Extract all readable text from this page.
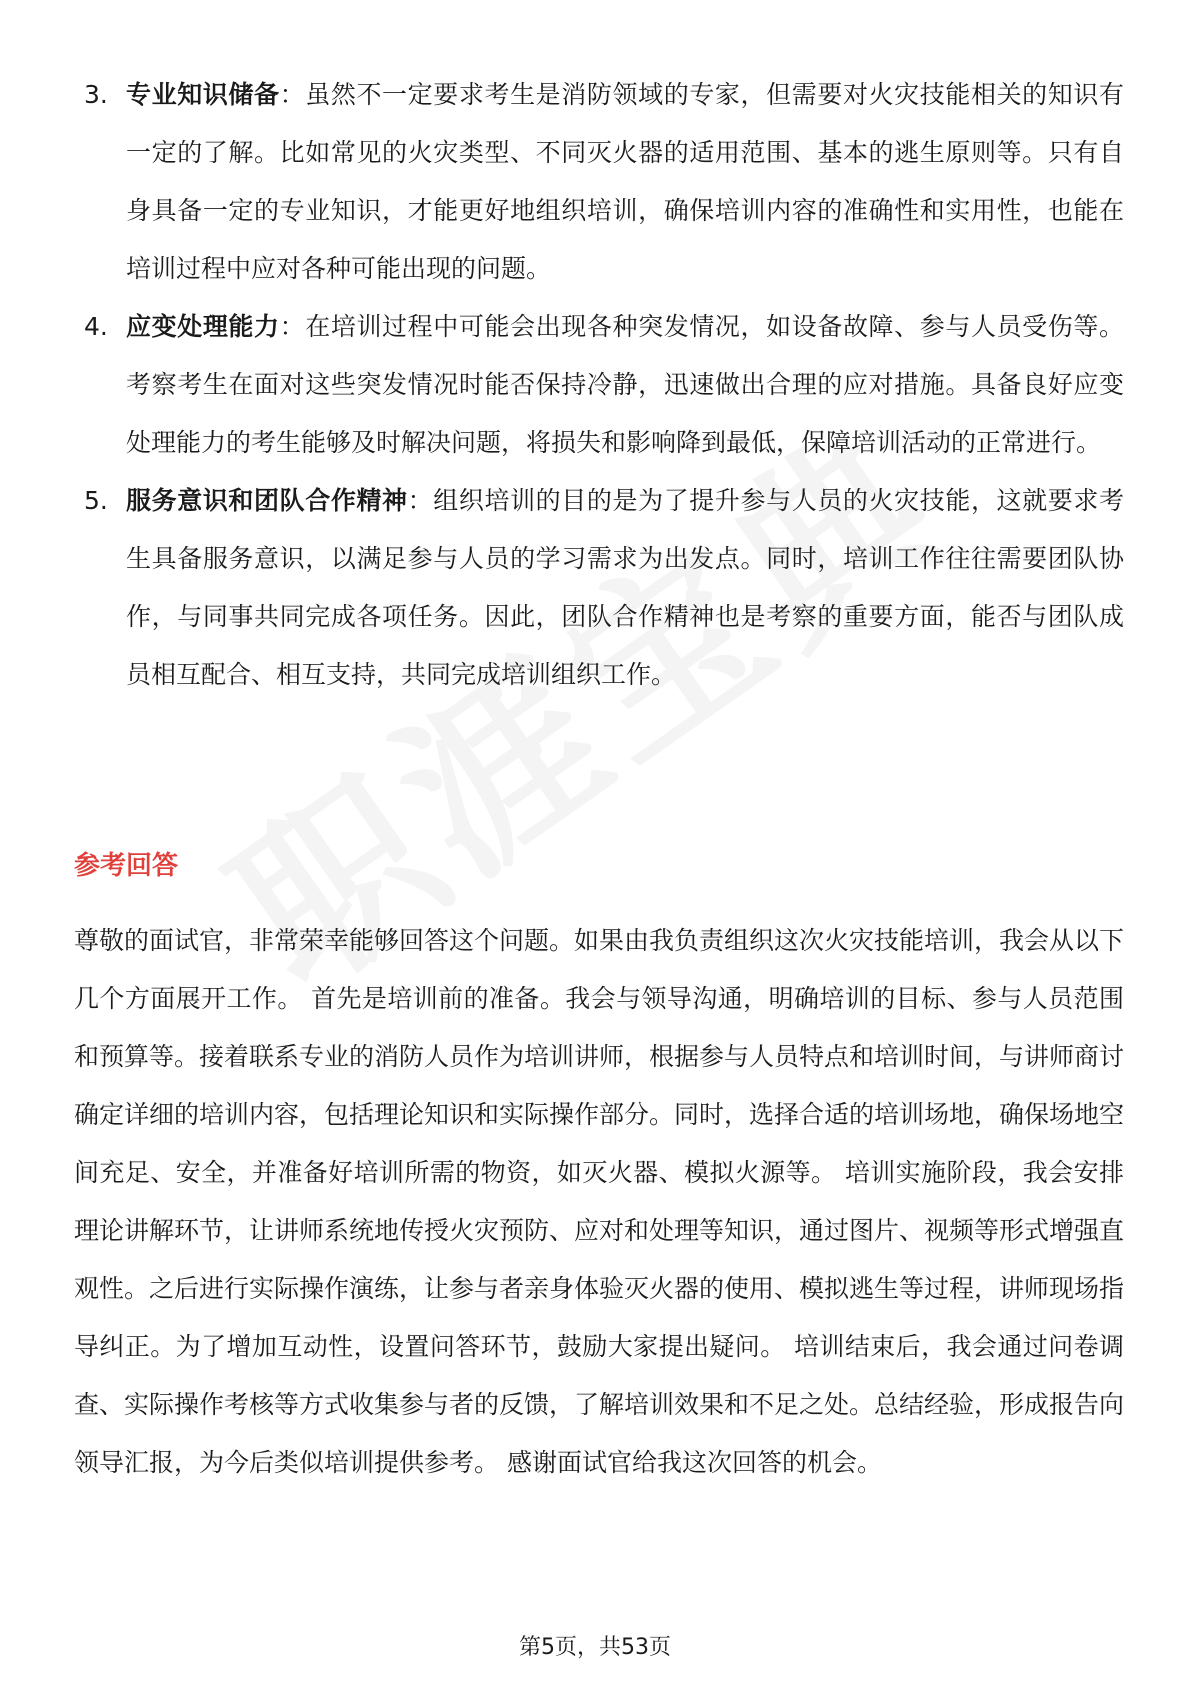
3. 专业知识储备：虽然不一定要求考生是消防领域的专家，但需要对火灾技能相关的知识有一定的了解。比如常见的火灾类型、不同灭火器的适用范围、基本的逃生原则等。只有自身具备一定的专业知识，才能更好地组织培训，确保培训内容的准确性和实用性，也能在培训过程中应对各种可能出现的问题。
4. 应变处理能力：在培训过程中可能会出现各种突发情况，如设备故障、参与人员受伤等。考察考生在面对这些突发情况时能否保持冷静，迅速做出合理的应对措施。具备良好应变处理能力的考生能够及时解决问题，将损失和影响降到最低，保障培训活动的正常进行。
5. 服务意识和团队合作精神：组织培训的目的是为了提升参与人员的火灾技能，这就要求考生具备服务意识，以满足参与人员的学习需求为出发点。同时，培训工作往往需要团队协作，与同事共同完成各项任务。因此，团队合作精神也是考察的重要方面，能否与团队成员相互配合、相互支持，共同完成培训组织工作。
参考回答

尊敬的面试官，非常荣幸能够回答这个问题。如果由我负责组织这次火灾技能培训，我会从以下几个方面展开工作。 首先是培训前的准备。我会与领导沟通，明确培训的目标、参与人员范围和预算等。接着联系专业的消防人员作为培训讲师，根据参与人员特点和培训时间，与讲师商讨确定详细的培训内容，包括理论知识和实际操作部分。同时，选择合适的培训场地，确保场地空间充足、安全，并准备好培训所需的物资，如灭火器、模拟火源等。 培训实施阶段，我会安排理论讲解环节，让讲师系统地传授火灾预防、应对和处理等知识，通过图片、视频等形式增强直观性。之后进行实际操作演练，让参与者亲身体验灭火器的使用、模拟逃生等过程，讲师现场指导纠正。为了增加互动性，设置问答环节，鼓励大家提出疑问。 培训结束后，我会通过问卷调查、实际操作考核等方式收集参与者的反馈，了解培训效果和不足之处。总结经验，形成报告向领导汇报，为今后类似培训提供参考。 感谢面试官给我这次回答的机会。

第5页，共53页
